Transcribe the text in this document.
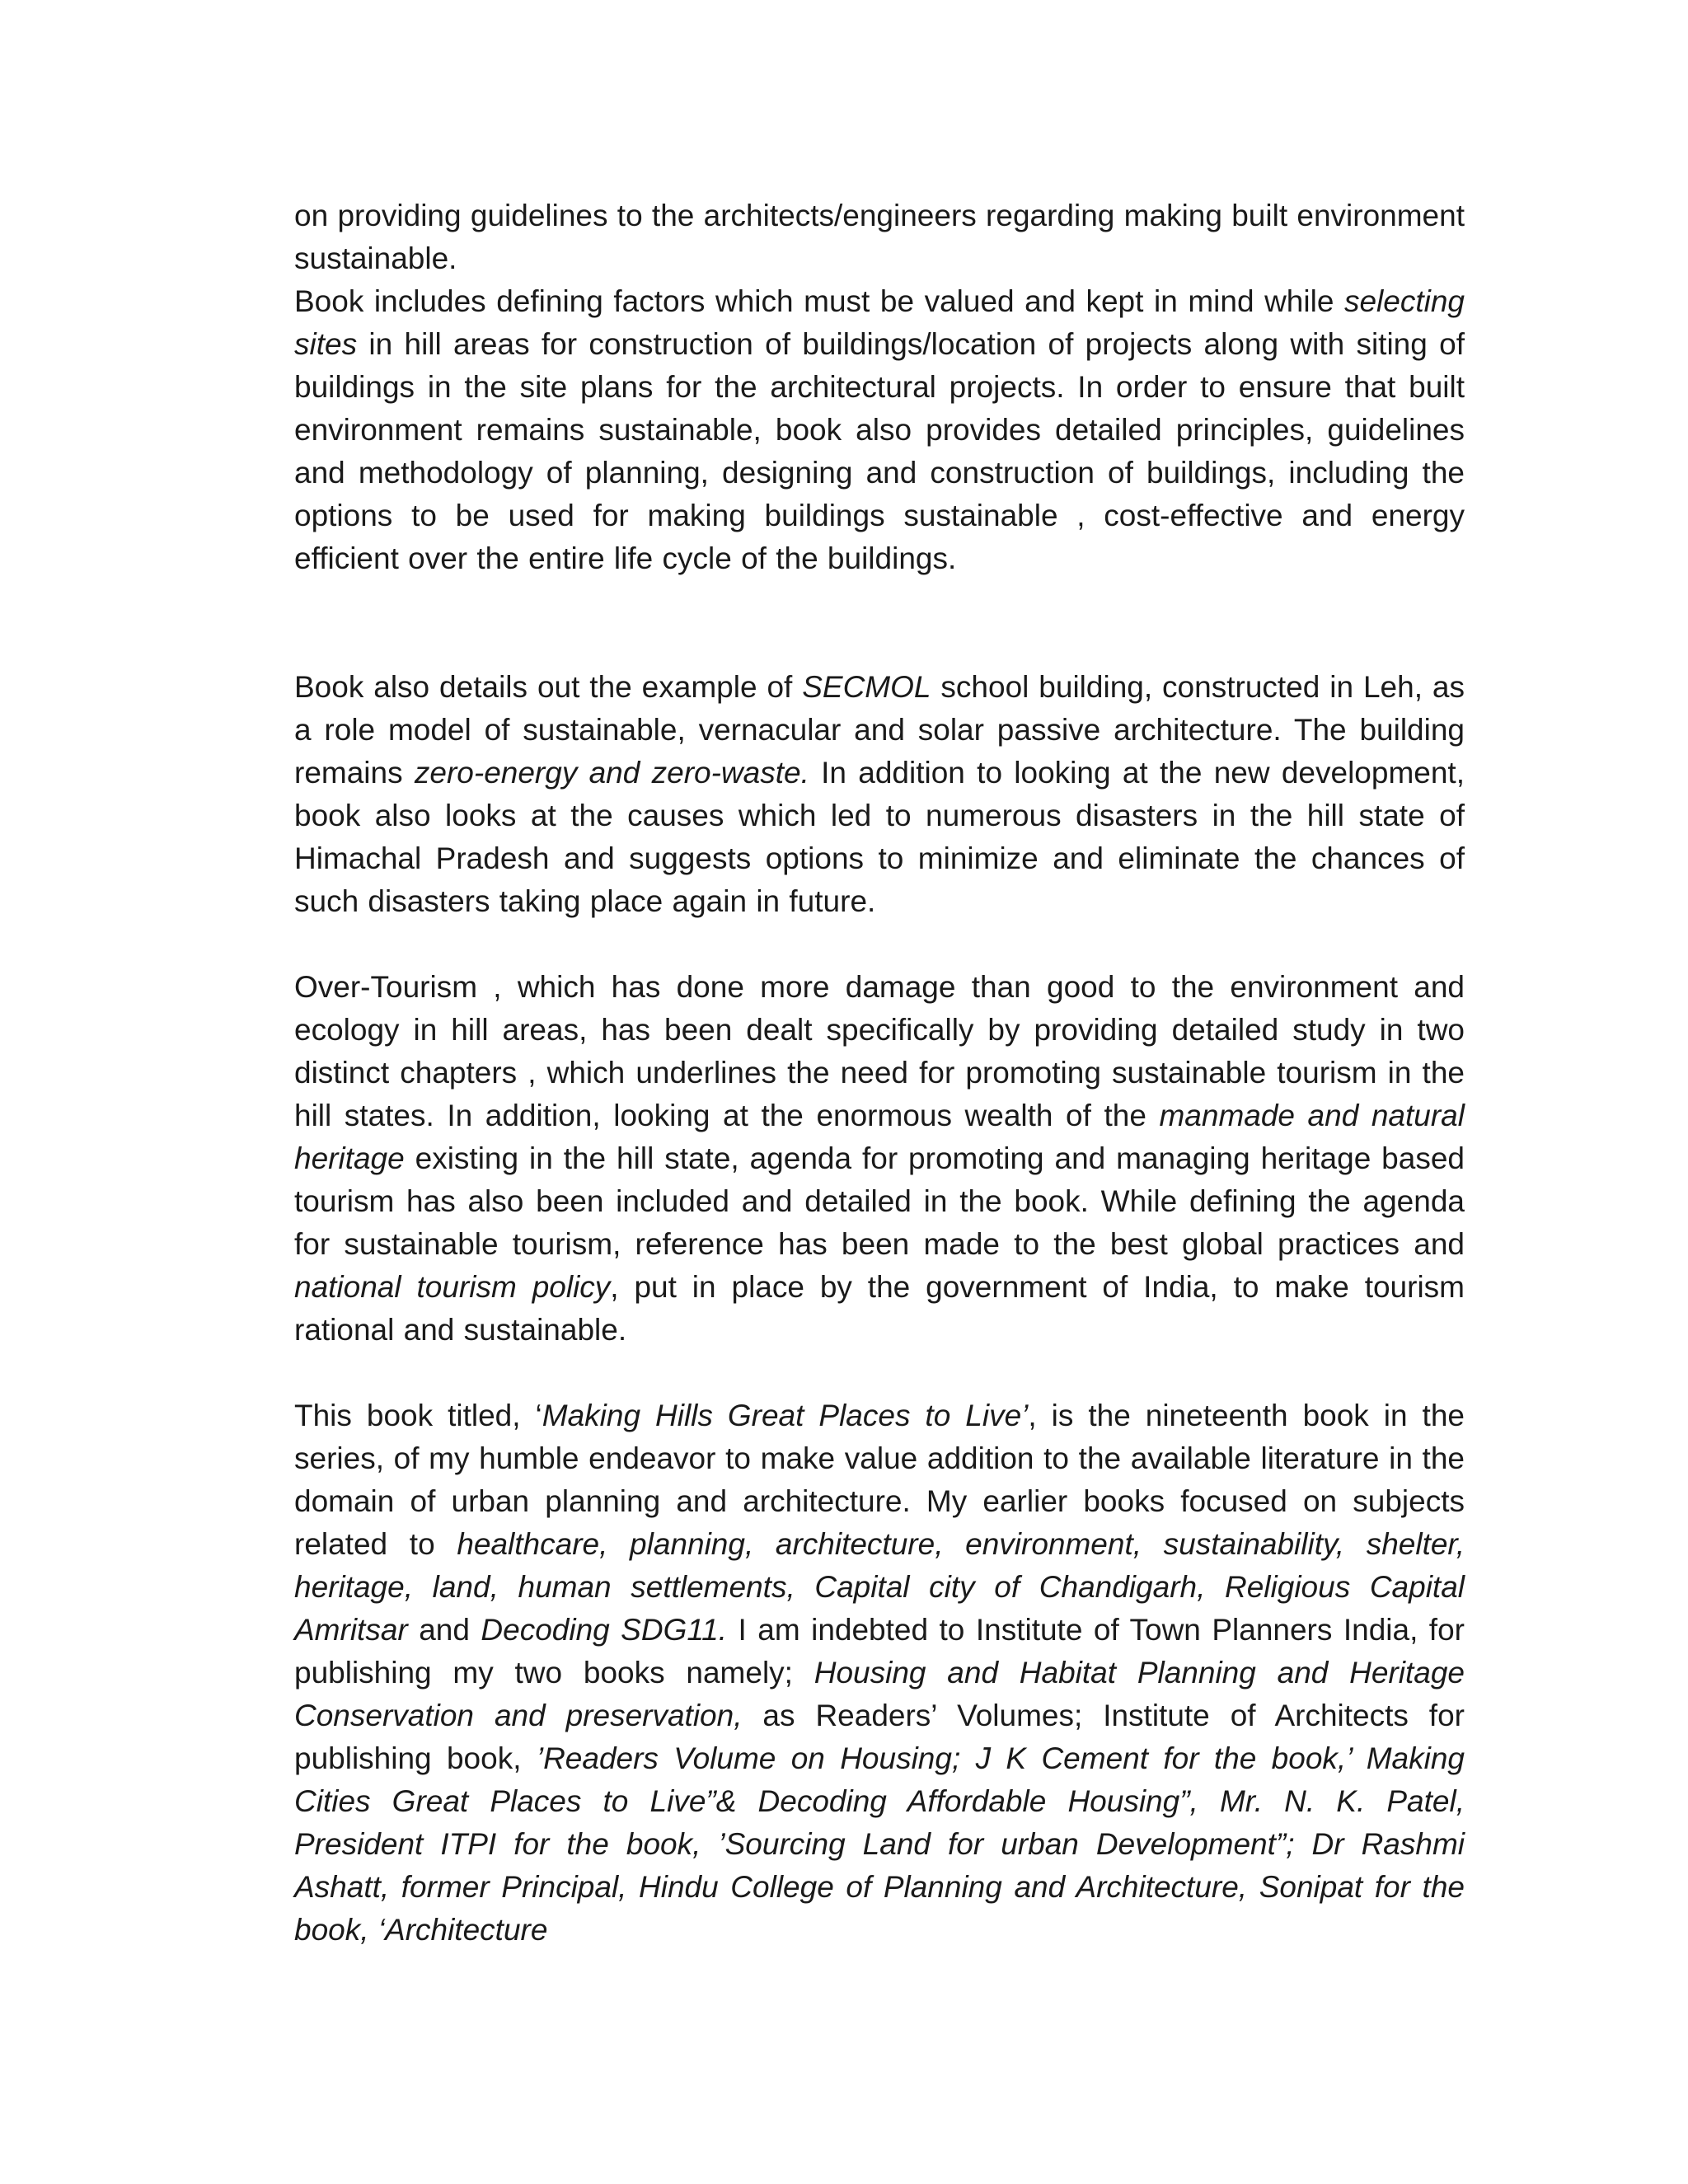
on providing guidelines to the architects/engineers regarding making built environment sustainable.

Book includes defining factors which must be valued and kept in mind while selecting sites in hill areas for construction of buildings/location of projects along with siting of buildings in the site plans for the architectural projects. In order to ensure that built environment remains sustainable, book also provides detailed principles, guidelines and methodology of planning, designing and construction of buildings, including the options to be used for making buildings sustainable , cost-effective and energy efficient over the entire life cycle of the buildings.

Book also details out the example of SECMOL school building, constructed in Leh, as a role model of sustainable, vernacular and solar passive architecture. The building remains zero-energy and zero-waste. In addition to looking at the new development, book also looks at the causes which led to numerous disasters in the hill state of Himachal Pradesh and suggests options to minimize and eliminate the chances of such disasters taking place again in future.

Over-Tourism , which has done more damage than good to the environment and ecology in hill areas, has been dealt specifically by providing detailed study in two distinct chapters , which underlines the need for promoting sustainable tourism in the hill states. In addition, looking at the enormous wealth of the manmade and natural heritage existing in the hill state, agenda for promoting and managing heritage based tourism has also been included and detailed in the book. While defining the agenda for sustainable tourism, reference has been made to the best global practices and national tourism policy, put in place by the government of India, to make tourism rational and sustainable.

This book titled, ‘Making Hills Great Places to Live’, is the nineteenth book in the series, of my humble endeavor to make value addition to the available literature in the domain of urban planning and architecture. My earlier books focused on subjects related to healthcare, planning, architecture, environment, sustainability, shelter, heritage, land, human settlements, Capital city of Chandigarh, Religious Capital Amritsar and Decoding SDG11. I am indebted to Institute of Town Planners India, for publishing my two books namely; Housing and Habitat Planning and Heritage Conservation and preservation, as Readers’ Volumes; Institute of Architects for publishing book, ’Readers Volume on Housing; J K Cement for the book,’ Making Cities Great Places to Live”& Decoding Affordable Housing”, Mr. N. K. Patel, President ITPI for the book, ’Sourcing Land for urban Development”; Dr Rashmi Ashatt, former Principal, Hindu College of Planning and Architecture, Sonipat for the book, ‘Architecture
